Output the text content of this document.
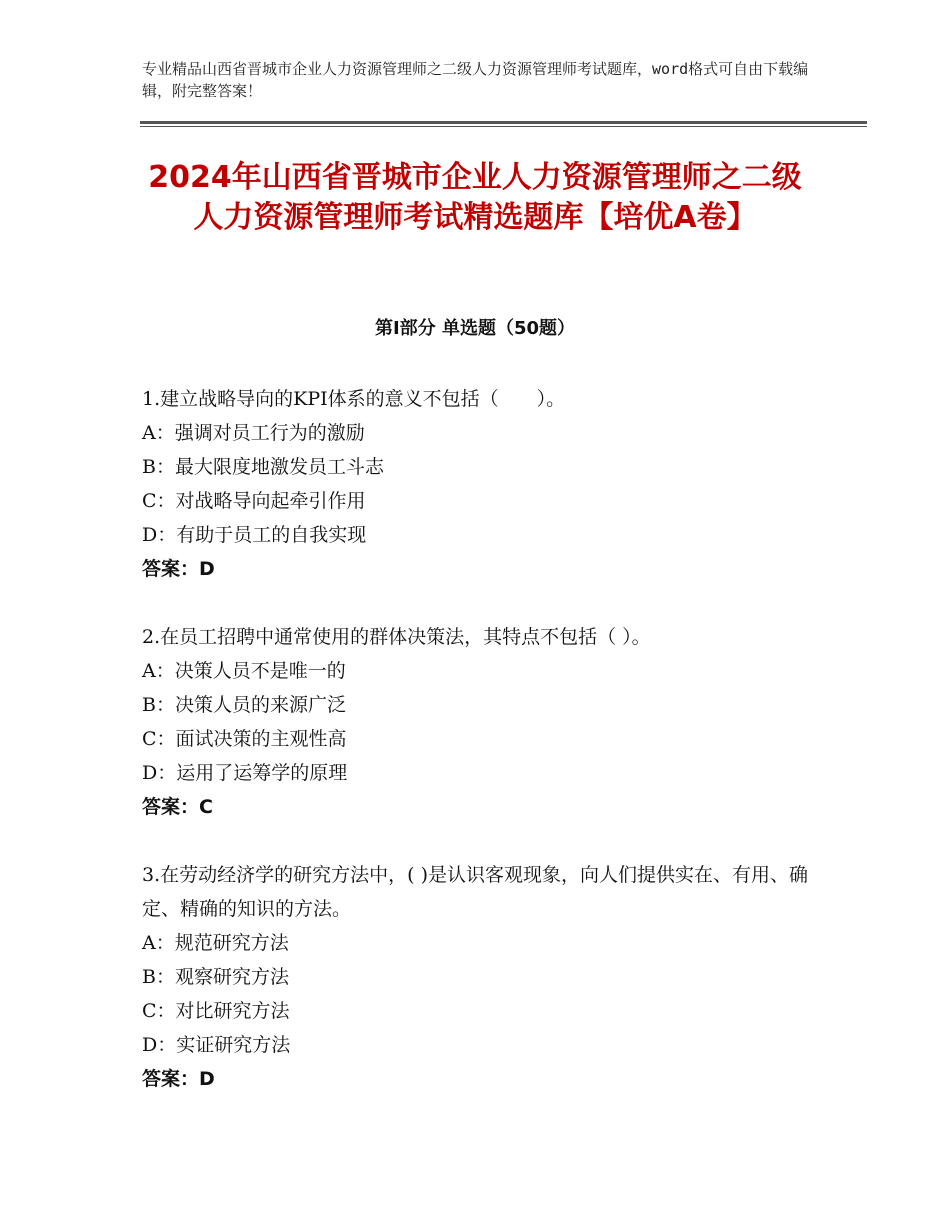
专业精品山西省晋城市企业人力资源管理师之二级人力资源管理师考试题库，word格式可自由下载编辑，附完整答案！
2024年山西省晋城市企业人力资源管理师之二级人力资源管理师考试精选题库【培优A卷】
第Ⅰ部分 单选题（50题）
1.建立战略导向的KPI体系的意义不包括（　　）。
A：强调对员工行为的激励
B：最大限度地激发员工斗志
C：对战略导向起牵引作用
D：有助于员工的自我实现
答案：D
2.在员工招聘中通常使用的群体决策法，其特点不包括（ ）。
A：决策人员不是唯一的
B：决策人员的来源广泛
C：面试决策的主观性高
D：运用了运筹学的原理
答案：C
3.在劳动经济学的研究方法中，( )是认识客观现象，向人们提供实在、有用、确定、精确的知识的方法。
A：规范研究方法
B：观察研究方法
C：对比研究方法
D：实证研究方法
答案：D
